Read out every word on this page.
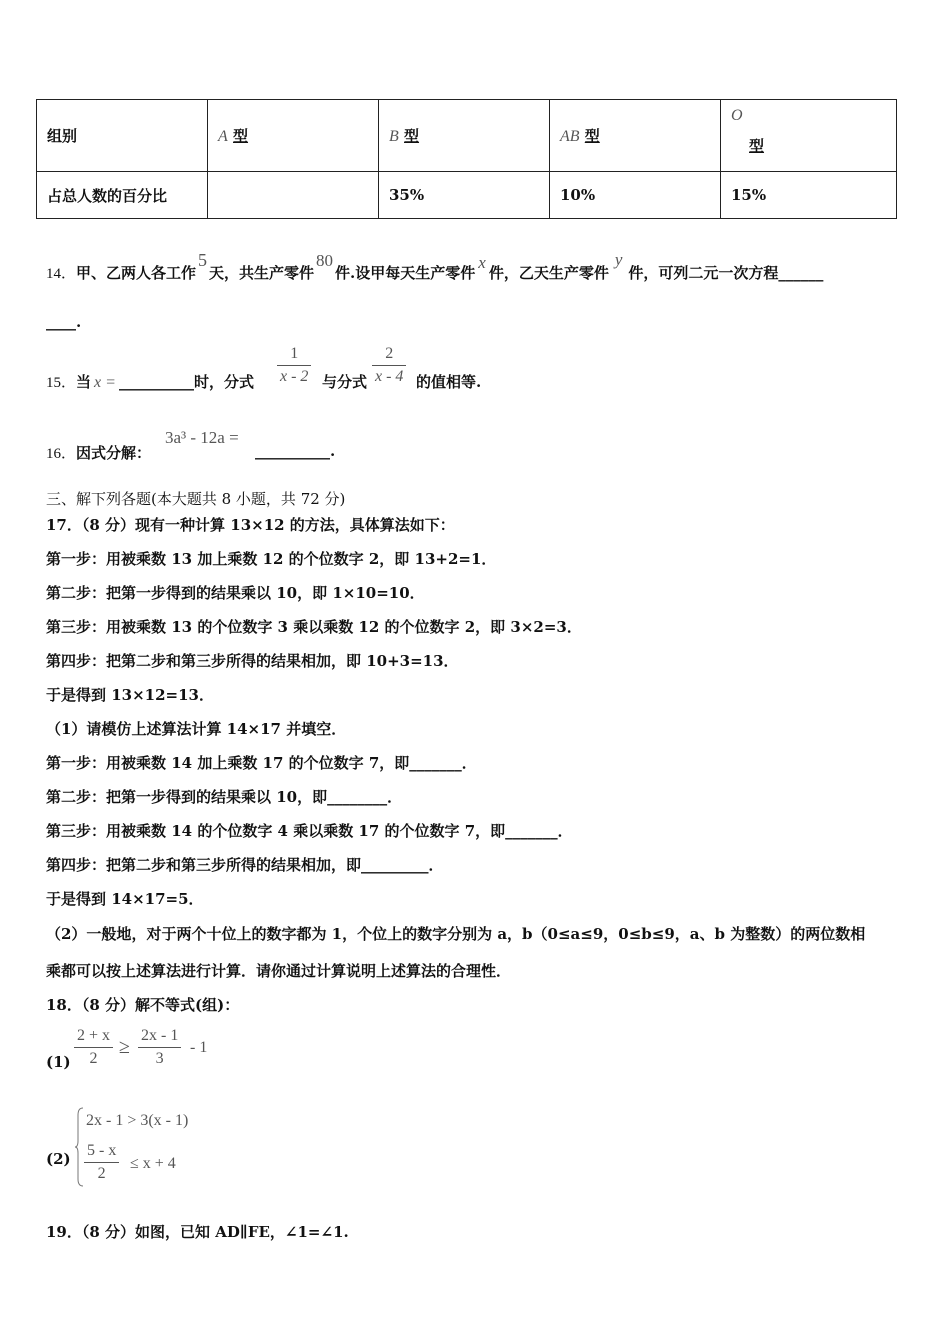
组别	A 型	B 型	AB 型	O
型
占总人数的百分比		35%	10%	15%
14．甲、乙两人各工作5天，共生产零件80件.设甲每天生产零件x件，乙天生产零件y件，可列二元一次方程______
____.
15．当 x = __________时，分式
1
x - 2 与分式
2
x - 4 的值相等.
16．因式分解：
3a³ - 12a =
__________.
三、解下列各题(本大题共 8 小题，共 72 分)
17．（8 分）现有一种计算 13×12 的方法，具体算法如下：
第一步：用被乘数 13 加上乘数 12 的个位数字 2，即 13+2=1．
第二步：把第一步得到的结果乘以 10，即 1×10=10．
第三步：用被乘数 13 的个位数字 3 乘以乘数 12 的个位数字 2，即 3×2=3．
第四步：把第二步和第三步所得的结果相加，即 10+3=13．
于是得到 13×12=13．
（1）请模仿上述算法计算 14×17 并填空．
第一步：用被乘数 14 加上乘数 17 的个位数字 7，即_______．
第二步：把第一步得到的结果乘以 10，即________．
第三步：用被乘数 14 的个位数字 4 乘以乘数 17 的个位数字 7，即_______．
第四步：把第二步和第三步所得的结果相加，即_________．
于是得到 14×17=5．
（2）一般地，对于两个十位上的数字都为 1，个位上的数字分别为 a，b（0≤a≤9，0≤b≤9，a、b 为整数）的两位数相
乘都可以按上述算法进行计算．请你通过计算说明上述算法的合理性．
18．（8 分）解不等式(组)：
(1)
2 + x
2
≥
2x - 1
3
- 1
(2)
2x - 1 > 3(x - 1)
5 - x
2
≤ x + 4
19．（8 分）如图，已知 AD∥FE，∠1=∠1.
